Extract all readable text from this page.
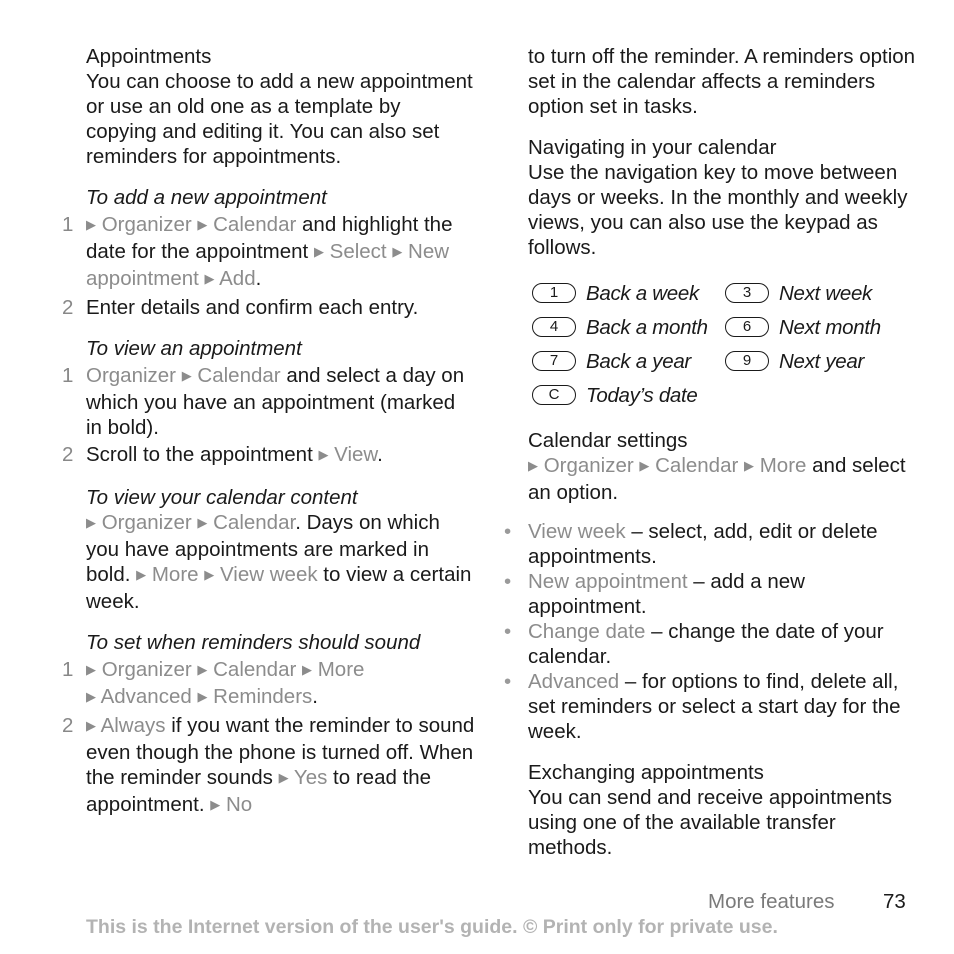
Appointments

You can choose to add a new appointment or use an old one as a template by copying and editing it. You can also set reminders for appointments.

To add a new appointment
1 ▶ Organizer ▶ Calendar and highlight the date for the appointment ▶ Select ▶ New appointment ▶ Add.
2 Enter details and confirm each entry.
To view an appointment
1 Organizer ▶ Calendar and select a day on which you have an appointment (marked in bold).
2 Scroll to the appointment ▶ View.
To view your calendar content

▶ Organizer ▶ Calendar. Days on which you have appointments are marked in bold. ▶ More ▶ View week to view a certain week.

To set when reminders should sound
1 ▶ Organizer ▶ Calendar ▶ More
▶ Advanced ▶ Reminders.
2 ▶ Always if you want the reminder to sound even though the phone is turned off. When the reminder sounds ▶ Yes to read the appointment. ▶ No

to turn off the reminder. A reminders option set in the calendar affects a reminders option set in tasks.

Navigating in your calendar

Use the navigation key to move between days or weeks. In the monthly and weekly views, you can also use the keypad as follows.

1	Back a week	3	Next week
4	Back a month	6	Next month
7	Back a year	9	Next year
C	Today’s date
Calendar settings

▶ Organizer ▶ Calendar ▶ More and select an option.

• View week – select, add, edit or delete appointments.
• New appointment – add a new appointment.
• Change date – change the date of your calendar.
• Advanced – for options to find, delete all, set reminders or select a start day for the week.
Exchanging appointments

You can send and receive appointments using one of the available transfer methods.

More features 73
This is the Internet version of the user's guide. © Print only for private use.
